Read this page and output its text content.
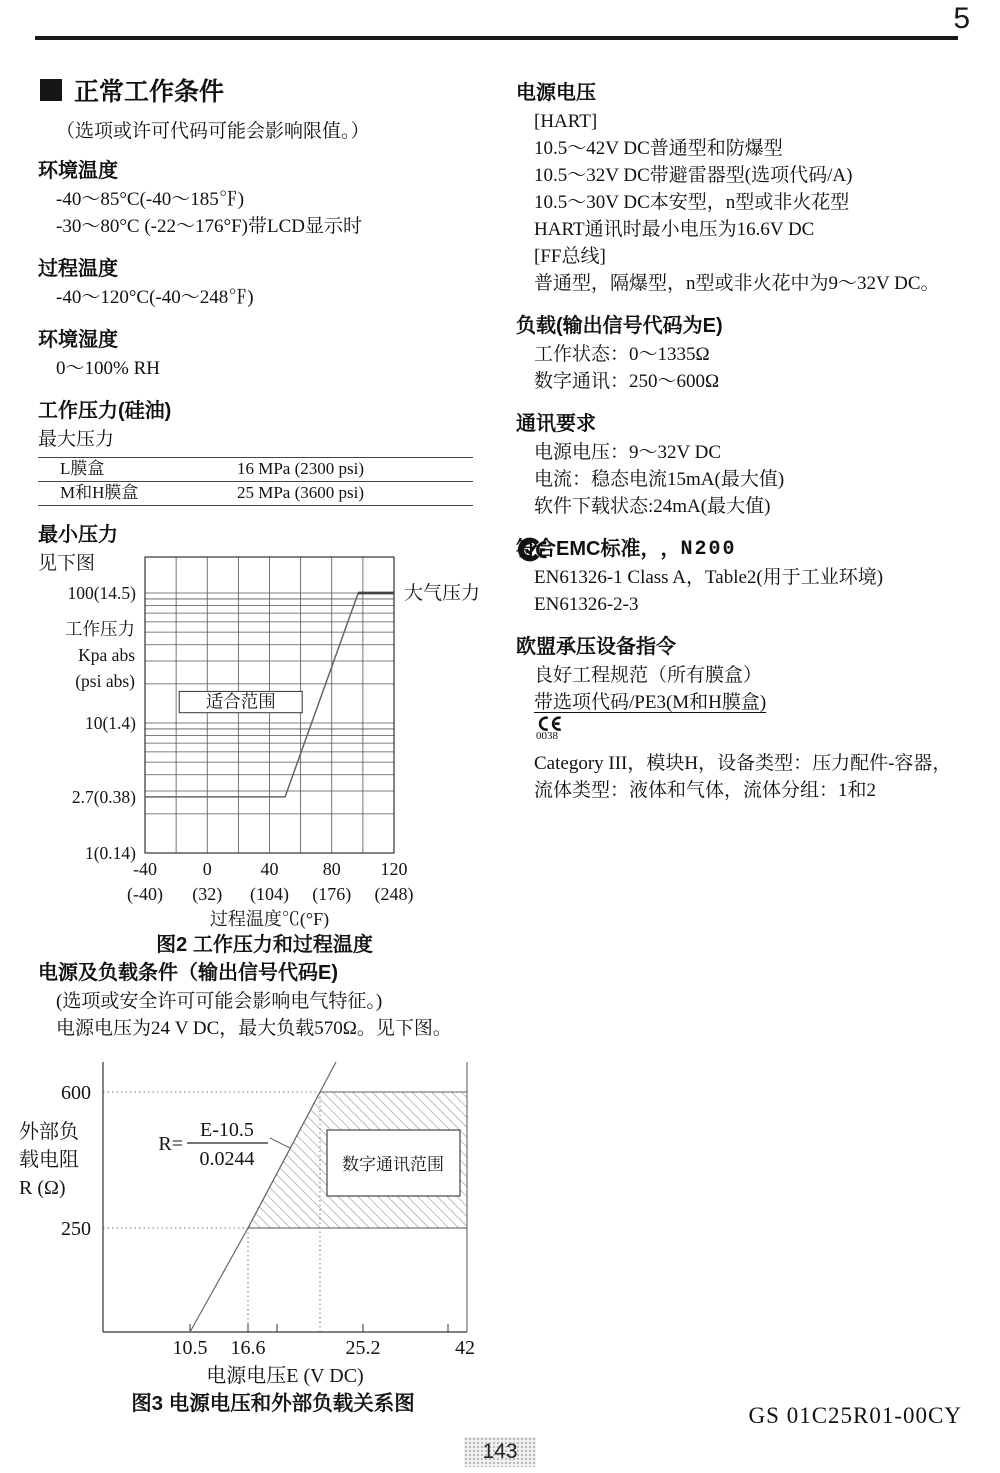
5
正常工作条件
（选项或许可代码可能会影响限值。）
环境温度
-40～85°C(-40～185℉)
-30～80°C (-22～176°F)带LCD显示时
过程温度
-40～120°C(-40～248℉)
环境湿度
0～100% RH
工作压力(硅油)
最大压力
L膜盒	16 MPa (2300 psi)
M和H膜盒	25 MPa (3600 psi)
最小压力
见下图
适合范围
100(14.5)
10(1.4)
2.7(0.38)
1(0.14)
工作压力
Kpa abs
(psi abs)
大气压力
-40
(-40)
0
(32)
40
(104)
80
(176)
120
(248)
过程温度℃(°F)
图2 工作压力和过程温度
电源及负载条件（输出信号代码E)
(选项或安全许可可能会影响电气特征。)
电源电压为24 V DC，最大负载570Ω。见下图。
数字通讯范围
R=
E-10.5
0.0244
600
250
外部负
载电阻
R (Ω)
10.5 16.6	25.2	42
电源电压E (V DC)
图3 电源电压和外部负载关系图
电源电压
[HART]
10.5～42V DC普通型和防爆型
10.5～32V DC带避雷器型(选项代码/A)
10.5～30V DC本安型，n型或非火花型
HART通讯时最小电压为16.6V DC
[FF总线]
普通型，隔爆型，n型或非火花中为9～32V DC。
负载(输出信号代码为E)
工作状态：0～1335Ω
数字通讯：250～600Ω
通讯要求
电源电压：9～32V DC
电流：稳态电流15mA(最大值)
软件下载状态:24mA(最大值)
符合EMC标准， ， N200
EN61326-1 Class A，Table2(用于工业环境)
EN61326-2-3
欧盟承压设备指令
良好工程规范（所有膜盒）
带选项代码/PE3(M和H膜盒)
$_{0038}$
Category III，模块H，设备类型：压力配件-容器，
流体类型：液体和气体，流体分组：1和2
GS 01C25R01-00CY
143
